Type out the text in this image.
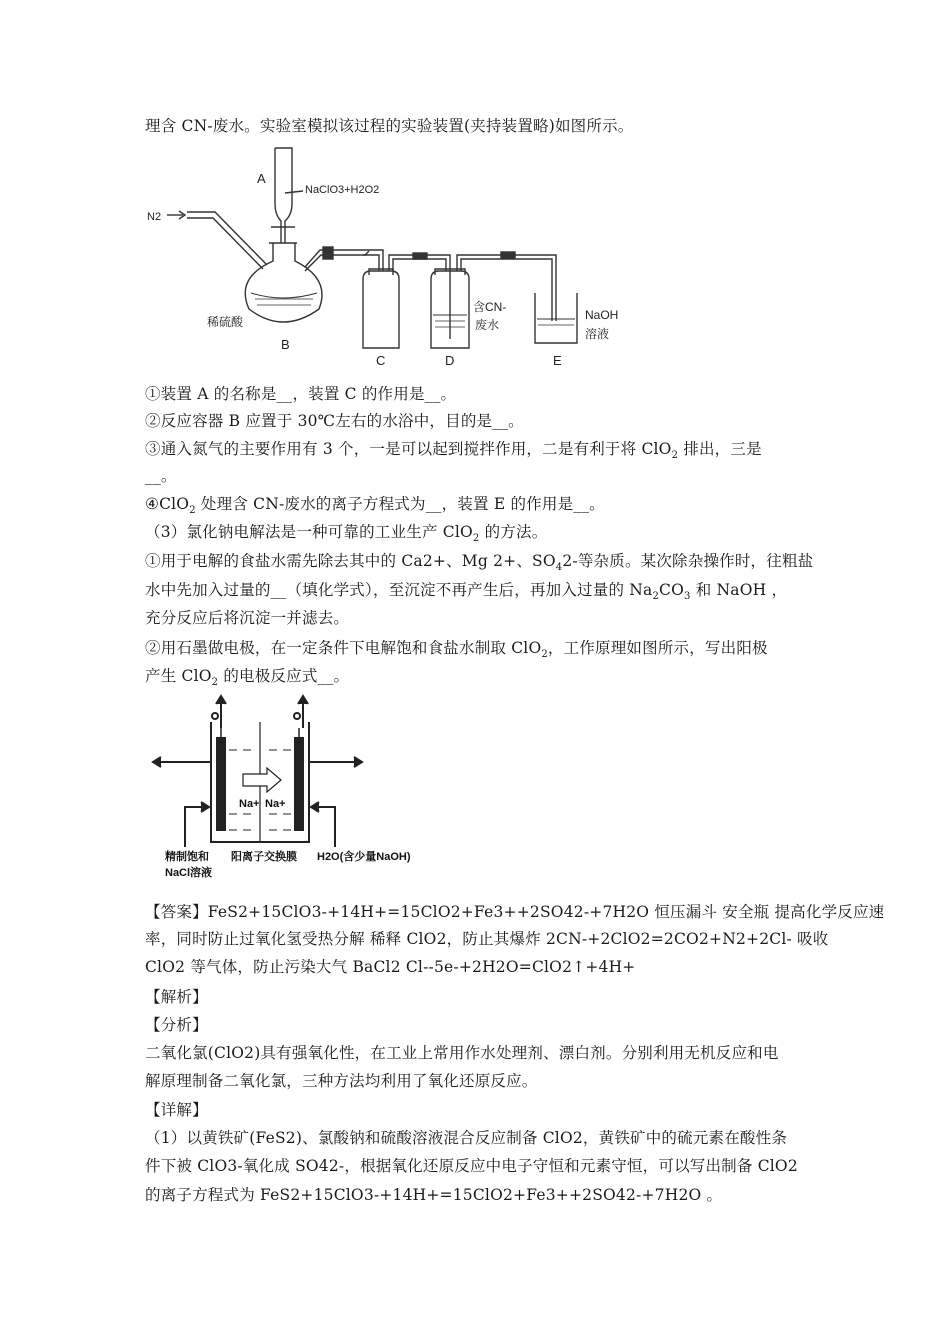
理含 CN-废水。实验室模拟该过程的实验装置(夹持装置略)如图所示。
A
NaClO3+H2O2
N2
稀硫酸
B
C	D	E
含CN-
废水
NaOH
溶液
①装置 A 的名称是__，装置 C 的作用是__。
②反应容器 B 应置于 30℃左右的水浴中，目的是__。
③通入氮气的主要作用有 3 个，一是可以起到搅拌作用，二是有利于将 ClO$_2$ 排出，三是
__。
④ClO$_2$ 处理含 CN-废水的离子方程式为__，装置 E 的作用是__。
（3）氯化钠电解法是一种可靠的工业生产 ClO$_2$ 的方法。
①用于电解的食盐水需先除去其中的 Ca2+、Mg 2+、$SO_42-$等杂质。某次除杂操作时，往粗盐
水中先加入过量的__（填化学式），至沉淀不再产生后，再加入过量的 $Na_2CO_3$ 和 NaOH ，
充分反应后将沉淀一并滤去。
②用石墨做电极，在一定条件下电解饱和食盐水制取 ClO$_2$，工作原理如图所示，写出阳极
产生 ClO$_2$ 的电极反应式__。
Na+ Na+
精制饱和
NaCl溶液
阳离子交换膜 H2O(含少量NaOH)
【答案】FeS2+15ClO3-+14H+=15ClO2+Fe3++2SO42-+7H2O 恒压漏斗 安全瓶 提高化学反应速
率，同时防止过氧化氢受热分解 稀释 ClO2，防止其爆炸 2CN-+2ClO2=2CO2+N2+2Cl- 吸收
ClO2 等气体，防止污染大气 BaCl2 Cl--5e-+2H2O=ClO2↑+4H+
【解析】
【分析】
二氧化氯(ClO2)具有强氧化性，在工业上常用作水处理剂、漂白剂。分别利用无机反应和电
解原理制备二氧化氯，三种方法均利用了氧化还原反应。
【详解】
（1）以黄铁矿(FeS2)、氯酸钠和硫酸溶液混合反应制备 ClO2，黄铁矿中的硫元素在酸性条
件下被 ClO3-氧化成 SO42-，根据氧化还原反应中电子守恒和元素守恒，可以写出制备 ClO2
的离子方程式为 FeS2+15ClO3-+14H+=15ClO2+Fe3++2SO42-+7H2O 。
